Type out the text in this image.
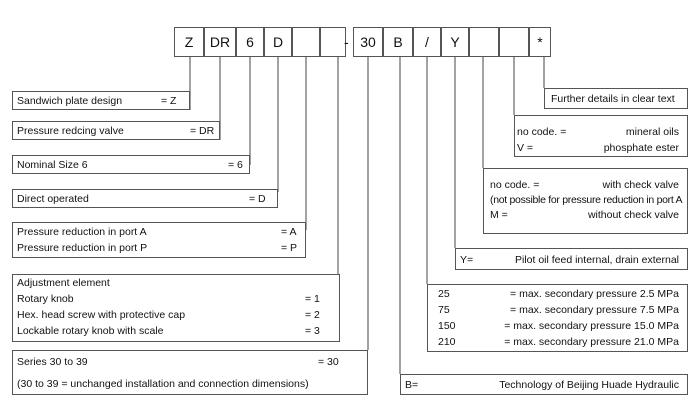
Z	DR	6	D	- 30	B	/	Y	*
Sandwich plate design	= Z
Pressure redcing valve	= DR
Nominal Size 6	= 6
Direct operated	= D
Pressure reduction in port A	= A
Pressure reduction in port P	= P
Adjustment element
Rotary knob	= 1
Hex. head screw with protective cap	= 2
Lockable rotary knob with scale	= 3
Series 30 to 39	= 30
(30 to 39 = unchanged installation and connection dimensions)
Further details in clear text
no code. =	mineral oils
V =	phosphate ester
no code. =	with check valve
(not possible for pressure reduction in port A
M =	without check valve
Y=	Pilot oil feed internal, drain external
25	= max. secondary pressure 2.5 MPa
75	= max. secondary pressure 7.5 MPa
150	= max. secondary pressure 15.0 MPa
210	= max. secondary pressure 21.0 MPa
B=	Technology of Beijing Huade Hydraulic
